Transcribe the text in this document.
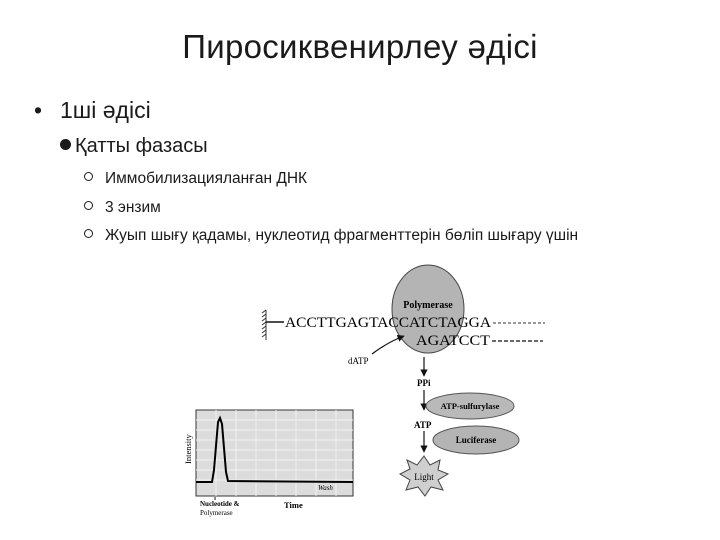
Пиросиквенирлеу әдісі
• 1ші әдісі
Қатты фазасы
Иммобилизацияланған ДНК
3 энзим
Жуып шығу қадамы, нуклеотид фрагменттерін бөліп шығару үшін
Polymerase
ACCTTGAGTACCATCTAGGA
AGATCCT
dATP
PPi
ATP-sulfurylase
ATP
Luciferase
Light
Intensity
Wash
Nucleotide &
Polymerase
Time
